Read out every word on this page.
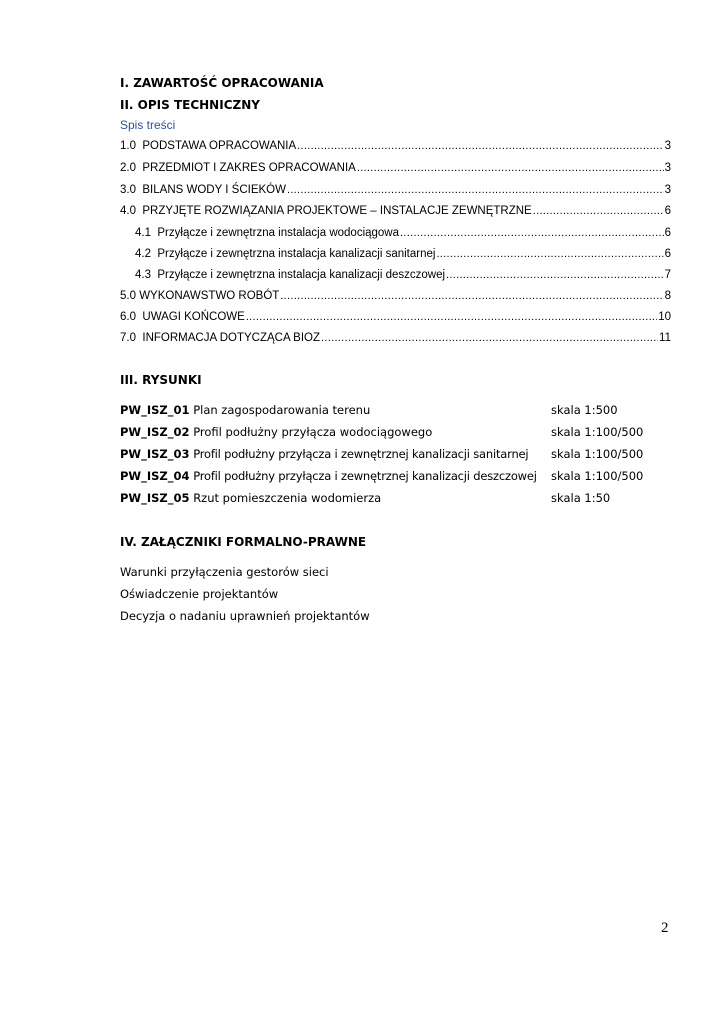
I. ZAWARTOŚĆ OPRACOWANIA
II. OPIS TECHNICZNY
Spis treści
1.0 PODSTAWA OPRACOWANIA .....	3
2.0 PRZEDMIOT I ZAKRES OPRACOWANIA .....	3
3.0 BILANS WODY I ŚCIEKÓW .....	3
4.0 PRZYJĘTE ROZWIĄZANIA PROJEKTOWE – INSTALACJE ZEWNĘTRZNE .....	6
4.1 Przyłącze i zewnętrzna instalacja wodociągowa .....	6
4.2 Przyłącze i zewnętrzna instalacja kanalizacji sanitarnej .....	6
4.3 Przyłącze i zewnętrzna instalacja kanalizacji deszczowej .....	7
5.0 WYKONAWSTWO ROBÓT .....	8
6.0 UWAGI KOŃCOWE .....	10
7.0 INFORMACJA DOTYCZĄCA BIOZ .....	11
III. RYSUNKI
PW_ISZ_01 Plan zagospodarowania terenu	skala 1:500
PW_ISZ_02 Profil podłużny przyłącza wodociągowego	skala 1:100/500
PW_ISZ_03 Profil podłużny przyłącza i zewnętrznej kanalizacji sanitarnej skala 1:100/500
PW_ISZ_04 Profil podłużny przyłącza i zewnętrznej kanalizacji deszczowej skala 1:100/500
PW_ISZ_05 Rzut pomieszczenia wodomierza	skala 1:50
IV. ZAŁĄCZNIKI FORMALNO-PRAWNE
Warunki przyłączenia gestorów sieci
Oświadczenie projektantów
Decyzja o nadaniu uprawnień projektantów
2
